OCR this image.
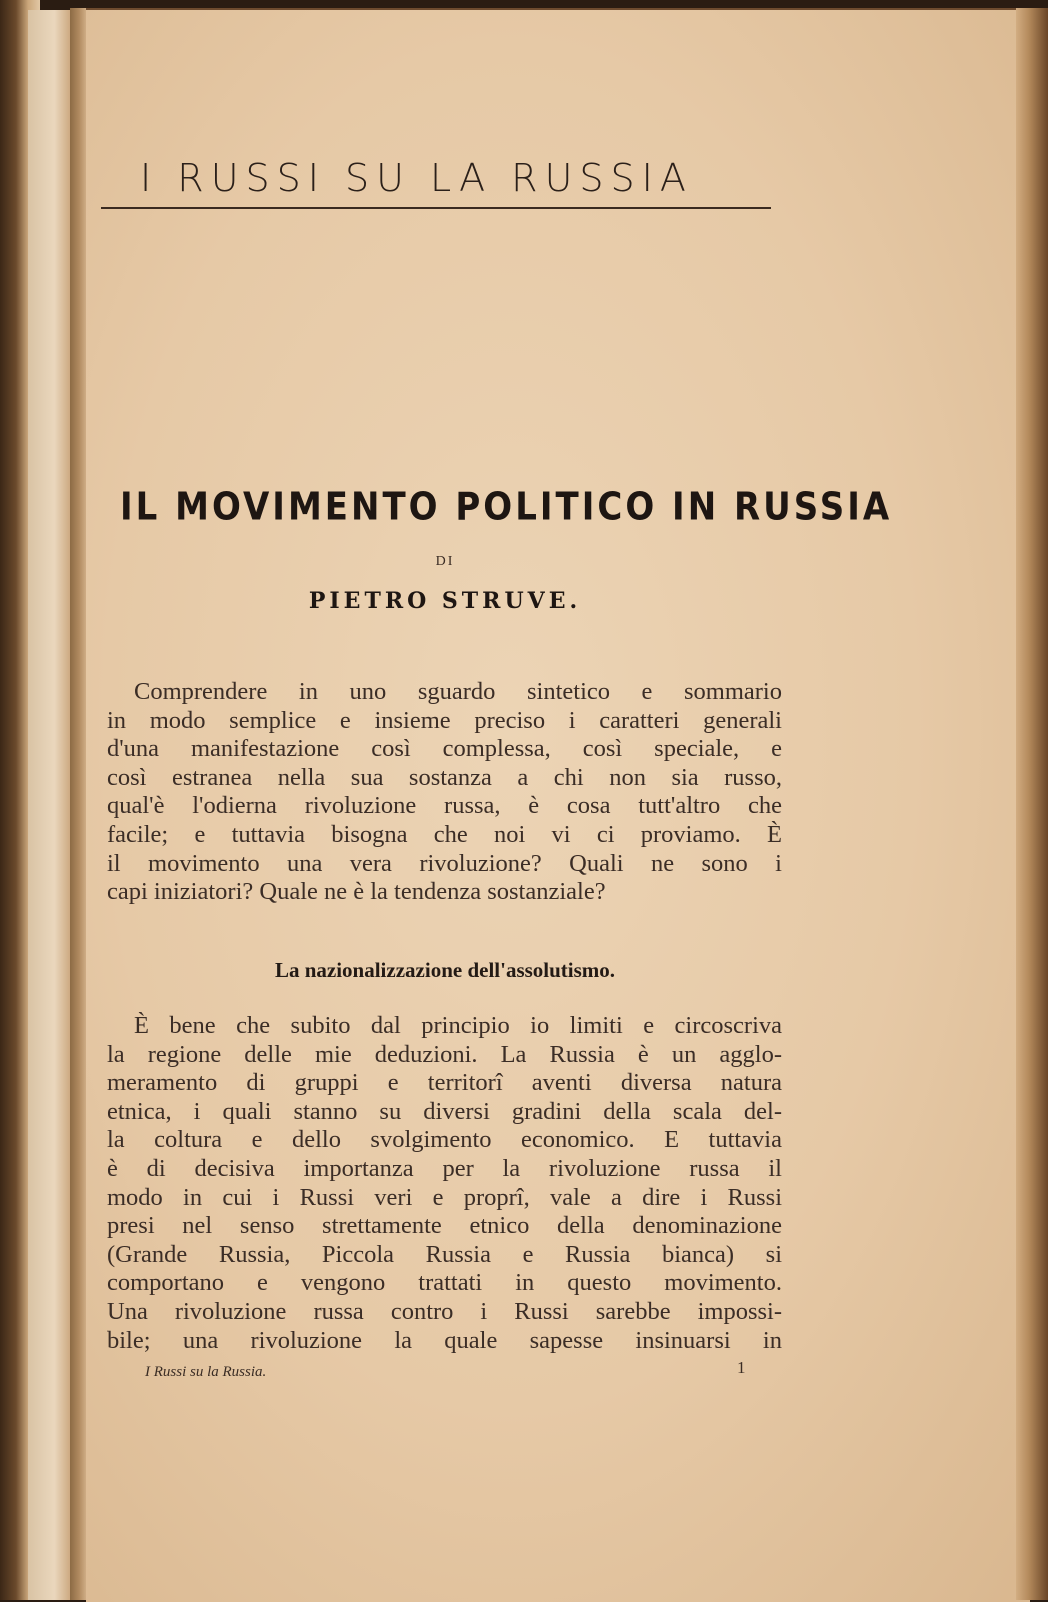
I RUSSI SU LA RUSSIA
IL MOVIMENTO POLITICO IN RUSSIA
DI
PIETRO STRUVE.
Comprendere in uno sguardo sintetico e sommario
in modo semplice e insieme preciso i caratteri generali
d'una manifestazione così complessa, così speciale, e
così estranea nella sua sostanza a chi non sia russo,
qual'è l'odierna rivoluzione russa, è cosa tutt'altro che
facile; e tuttavia bisogna che noi vi ci proviamo. È
il movimento una vera rivoluzione? Quali ne sono i
capi iniziatori? Quale ne è la tendenza sostanziale?
La nazionalizzazione dell'assolutismo.
È bene che subito dal principio io limiti e circoscriva
la regione delle mie deduzioni. La Russia è un agglo-
meramento di gruppi e territorî aventi diversa natura
etnica, i quali stanno su diversi gradini della scala del-
la coltura e dello svolgimento economico. E tuttavia
è di decisiva importanza per la rivoluzione russa il
modo in cui i Russi veri e proprî, vale a dire i Russi
presi nel senso strettamente etnico della denominazione
(Grande Russia, Piccola Russia e Russia bianca) si
comportano e vengono trattati in questo movimento.
Una rivoluzione russa contro i Russi sarebbe impossi-
bile; una rivoluzione la quale sapesse insinuarsi in
I Russi su la Russia.	1
